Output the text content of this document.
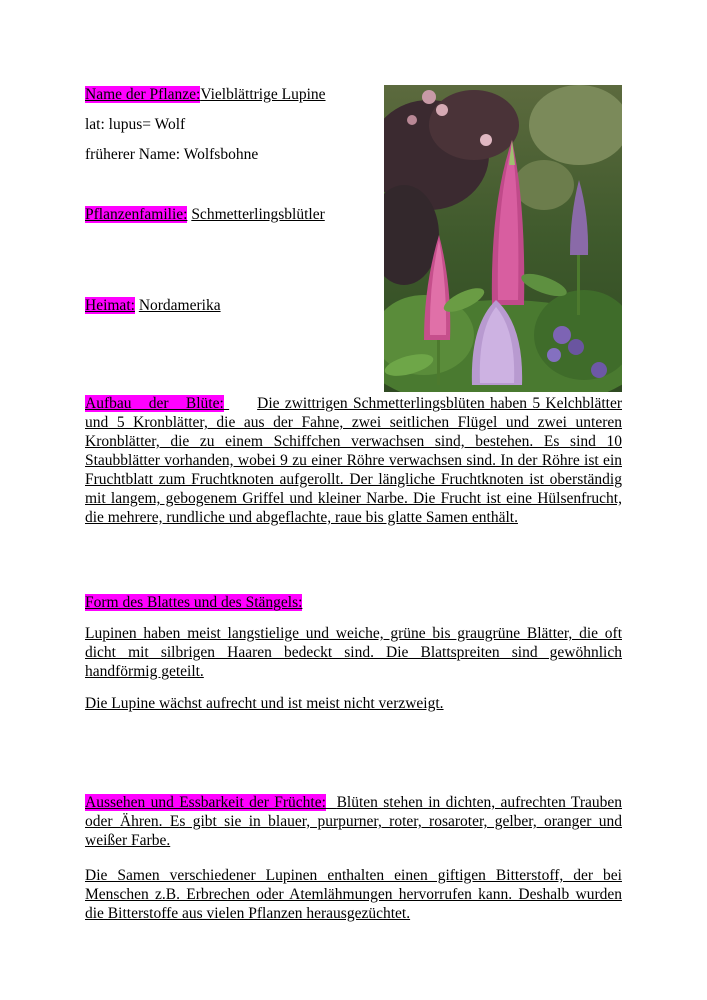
Name der Pflanze:Vielblättrige Lupine
lat: lupus= Wolf
früherer Name: Wolfsbohne
Pflanzenfamilie: Schmetterlingsblütler
Heimat: Nordamerika
Aufbau der Blüte: Die zwittrigen Schmetterlingsblüten haben 5 Kelchblätter und 5 Kronblätter, die aus der Fahne, zwei seitlichen Flügel und zwei unteren Kronblätter, die zu einem Schiffchen verwachsen sind, bestehen. Es sind 10 Staubblätter vorhanden, wobei 9 zu einer Röhre verwachsen sind. In der Röhre ist ein Fruchtblatt zum Fruchtknoten aufgerollt. Der längliche Fruchtknoten ist oberständig mit langem, gebogenem Griffel und kleiner Narbe. Die Frucht ist eine Hülsenfrucht, die mehrere, rundliche und abgeflachte, raue bis glatte Samen enthält.
Form des Blattes und des Stängels:
Lupinen haben meist langstielige und weiche, grüne bis graugrüne Blätter, die oft dicht mit silbrigen Haaren bedeckt sind. Die Blattspreiten sind gewöhnlich handförmig geteilt.
Die Lupine wächst aufrecht und ist meist nicht verzweigt.
Aussehen und Essbarkeit der Früchte: Blüten stehen in dichten, aufrechten Trauben oder Ähren. Es gibt sie in blauer, purpurner, roter, rosaroter, gelber, oranger und weißer Farbe.
Die Samen verschiedener Lupinen enthalten einen giftigen Bitterstoff, der bei Menschen z.B. Erbrechen oder Atemlähmungen hervorrufen kann. Deshalb wurden die Bitterstoffe aus vielen Pflanzen herausgezüchtet.
